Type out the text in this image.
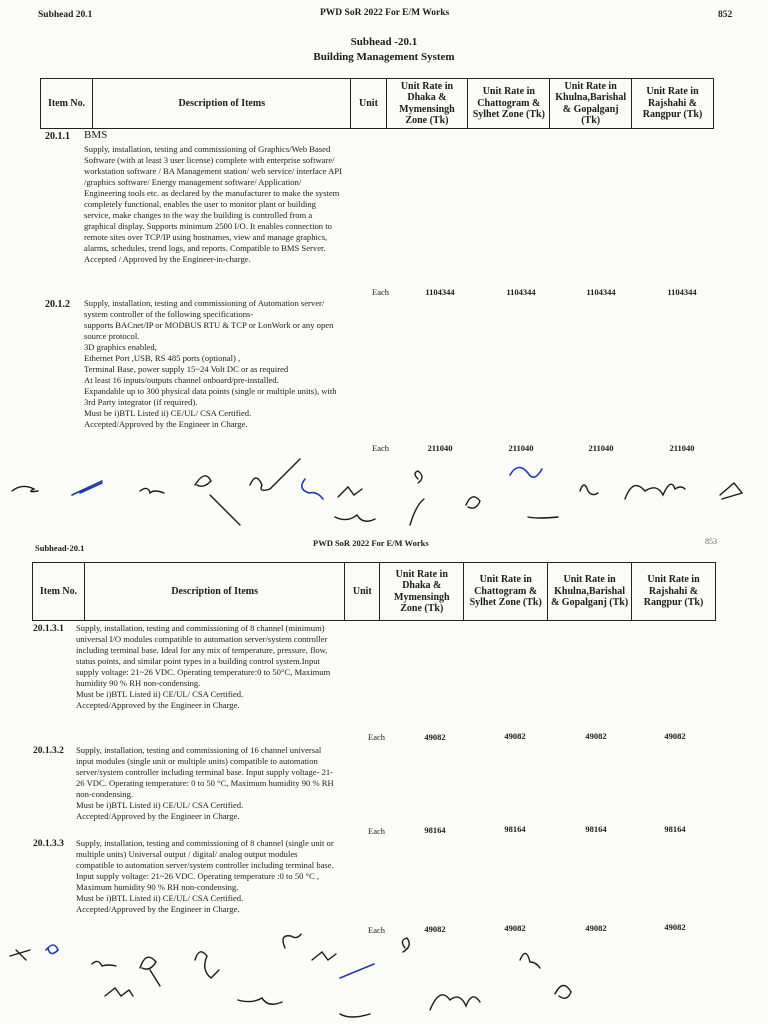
Subhead 20.1	PWD SoR 2022 For E/M Works	852
Subhead -20.1
Building Management System
Item No.	Description of Items	Unit	Unit Rate in Dhaka & Mymensingh Zone (Tk)	Unit Rate in Chattogram & Sylhet Zone (Tk)	Unit Rate in Khulna,Barishal & Gopalganj (Tk)	Unit Rate in Rajshahi & Rangpur (Tk)
20.1.1 BMS
Supply, installation, testing and commissioning of Graphics/Web Based
Software (with at least 3 user license) complete with enterprise software/
workstation software / BA Management station/ web service/ interface API
/graphics software/ Energy management software/ Application/
Engineering tools etc. as declared by the manufacturer to make the system
completely functional, enables the user to monitor plant or building
service, make changes to the way the building is controlled from a
graphical display. Supports minimum 2500 I/O. It enables connection to
remote sites over TCP/IP using hostnames, view and manage graphics,
alarms, schedules, trend logs, and reports. Compatible to BMS Server.
Accepted / Approved by the Engineer-in-charge.
Each	1104344	1104344	1104344	1104344
20.1.2 Supply, installation, testing and commissioning of Automation server/
system controller of the following specifications-
supports BACnet/IP or MODBUS RTU & TCP or LonWork or any open
source protocol.
3D graphics enabled,
Ethernet Port ,USB, RS 485 ports (optional) ,
Terminal Base, power supply 15~24 Volt DC or as required
At least 16 inputs/outputs channel onboard/pre-installed.
Expandable up to 300 physical data points (single or multiple units), with
3rd Party integrator (if required).
Must be i)BTL Listed ii) CE/UL/ CSA Certified.
Accepted/Approved by the Engineer in Charge.
Each	211040	211040	211040	211040
Subhead-20.1	PWD SoR 2022 For E/M Works	853
Item No.	Description of Items	Unit	Unit Rate in Dhaka & Mymensingh Zone (Tk)	Unit Rate in Chattogram & Sylhet Zone (Tk)	Unit Rate in Khulna,Barishal & Gopalganj (Tk)	Unit Rate in Rajshahi & Rangpur (Tk)
20.1.3.1 Supply, installation, testing and commissioning of 8 channel (minimum)
universal I/O modules compatible to automation server/system controller
including terminal base. Ideal for any mix of temperature, pressure, flow,
status points, and similar point types in a building control system.Input
supply voltage: 21~26 VDC. Operating temperature:0 to 50°C, Maximum
humidity 90 % RH non-condensing.
Must be i)BTL Listed ii) CE/UL/ CSA Certified.
Accepted/Approved by the Engineer in Charge.
Each	49082	49082	49082	49082
20.1.3.2 Supply, installation, testing and commissioning of 16 channel universal
input modules (single unit or multiple units) compatible to automation
server/system controller including terminal base. Input supply voltage- 21-
26 VDC. Operating temperature: 0 to 50 °C, Maximum humidity 90 % RH
non-condensing.
Must be i)BTL Listed ii) CE/UL/ CSA Certified.
Accepted/Approved by the Engineer in Charge.
Each	98164	98164	98164	98164
20.1.3.3 Supply, installation, testing and commissioning of 8 channel (single unit or
multiple units) Universal output / digital/ analog output modules
compatible to automation server/system controller including terminal base.
Input supply voltage: 21~26 VDC. Operating temperature :0 to 50 °C ,
Maximum humidity 90 % RH non-condensing.
Must be i)BTL Listed ii) CE/UL/ CSA Certified.
Accepted/Approved by the Engineer in Charge.
Each	49082	49082	49082	49082
